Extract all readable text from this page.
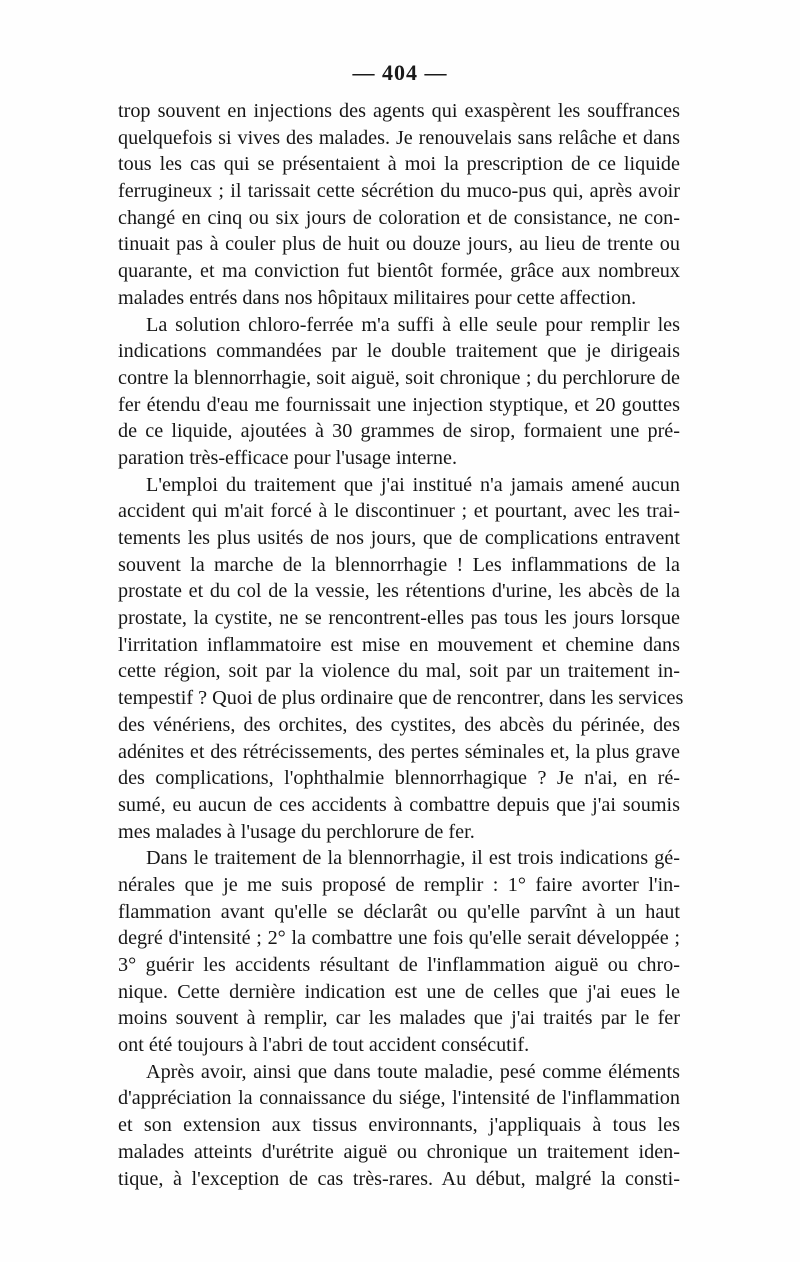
— 404 —
trop souvent en injections des agents qui exaspèrent les souffrances
quelquefois si vives des malades. Je renouvelais sans relâche et dans
tous les cas qui se présentaient à moi la prescription de ce liquide
ferrugineux ; il tarissait cette sécrétion du muco-pus qui, après avoir
changé en cinq ou six jours de coloration et de consistance, ne con-
tinuait pas à couler plus de huit ou douze jours, au lieu de trente ou
quarante, et ma conviction fut bientôt formée, grâce aux nombreux
malades entrés dans nos hôpitaux militaires pour cette affection.
La solution chloro-ferrée m'a suffi à elle seule pour remplir les
indications commandées par le double traitement que je dirigeais
contre la blennorrhagie, soit aiguë, soit chronique ; du perchlorure de
fer étendu d'eau me fournissait une injection styptique, et 20 gouttes
de ce liquide, ajoutées à 30 grammes de sirop, formaient une pré-
paration très-efficace pour l'usage interne.
L'emploi du traitement que j'ai institué n'a jamais amené aucun
accident qui m'ait forcé à le discontinuer ; et pourtant, avec les trai-
tements les plus usités de nos jours, que de complications entravent
souvent la marche de la blennorrhagie ! Les inflammations de la
prostate et du col de la vessie, les rétentions d'urine, les abcès de la
prostate, la cystite, ne se rencontrent-elles pas tous les jours lorsque
l'irritation inflammatoire est mise en mouvement et chemine dans
cette région, soit par la violence du mal, soit par un traitement in-
tempestif ? Quoi de plus ordinaire que de rencontrer, dans les services
des vénériens, des orchites, des cystites, des abcès du périnée, des
adénites et des rétrécissements, des pertes séminales et, la plus grave
des complications, l'ophthalmie blennorrhagique ? Je n'ai, en ré-
sumé, eu aucun de ces accidents à combattre depuis que j'ai soumis
mes malades à l'usage du perchlorure de fer.
Dans le traitement de la blennorrhagie, il est trois indications gé-
nérales que je me suis proposé de remplir : 1° faire avorter l'in-
flammation avant qu'elle se déclarât ou qu'elle parvînt à un haut
degré d'intensité ; 2° la combattre une fois qu'elle serait développée ;
3° guérir les accidents résultant de l'inflammation aiguë ou chro-
nique. Cette dernière indication est une de celles que j'ai eues le
moins souvent à remplir, car les malades que j'ai traités par le fer
ont été toujours à l'abri de tout accident consécutif.
Après avoir, ainsi que dans toute maladie, pesé comme éléments
d'appréciation la connaissance du siége, l'intensité de l'inflammation
et son extension aux tissus environnants, j'appliquais à tous les
malades atteints d'urétrite aiguë ou chronique un traitement iden-
tique, à l'exception de cas très-rares. Au début, malgré la consti-
